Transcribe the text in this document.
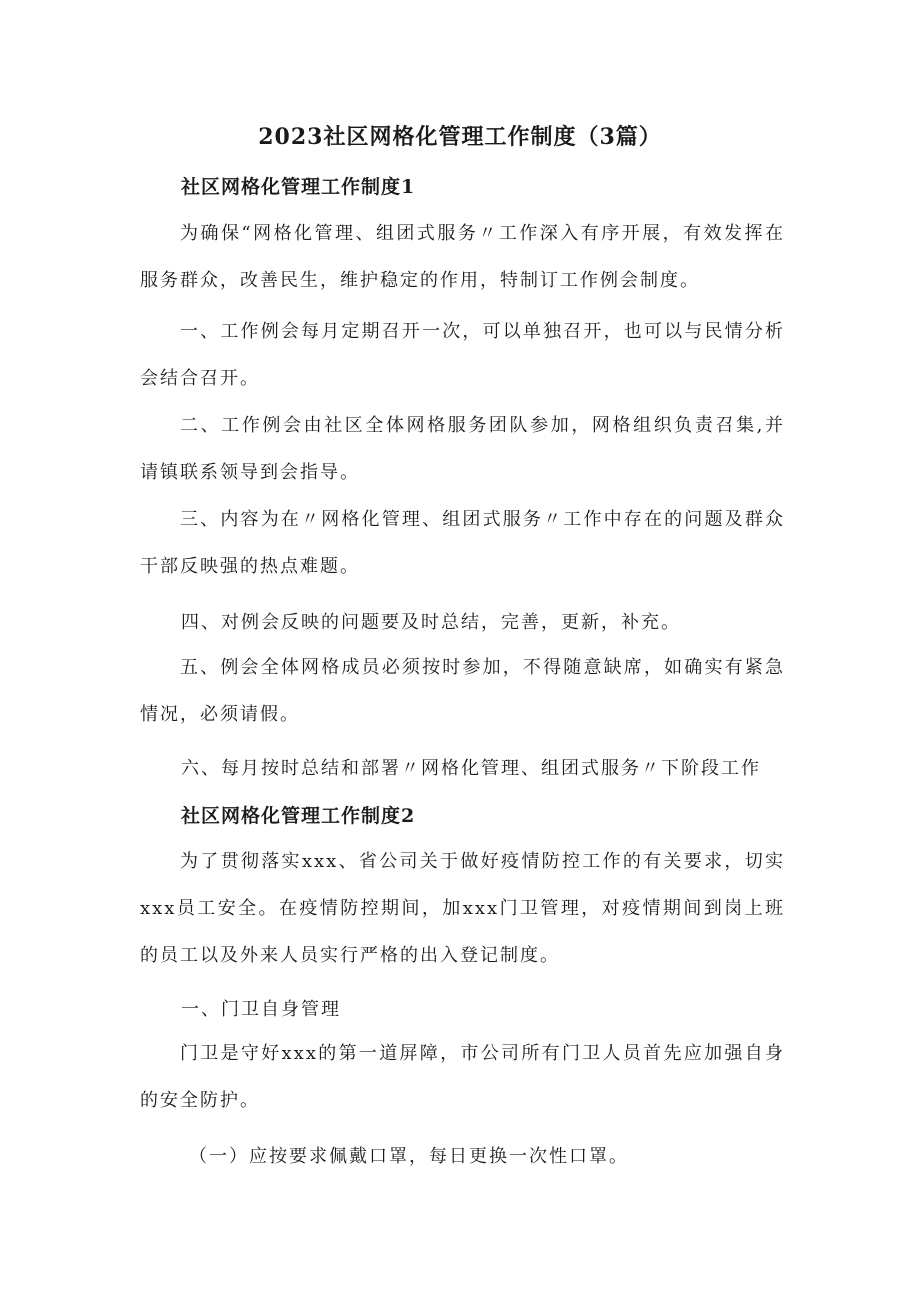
2023社区网格化管理工作制度（3篇）
社区网格化管理工作制度1

为确保“网格化管理、组团式服务〃工作深入有序开展，有效发挥在服务群众，改善民生，维护稳定的作用，特制订工作例会制度。

一、工作例会每月定期召开一次，可以单独召开，也可以与民情分析会结合召开。

二、工作例会由社区全体网格服务团队参加，网格组织负责召集,并请镇联系领导到会指导。

三、内容为在〃网格化管理、组团式服务〃工作中存在的问题及群众干部反映强的热点难题。

四、对例会反映的问题要及时总结，完善，更新，补充。

五、例会全体网格成员必须按时参加，不得随意缺席，如确实有紧急情况，必须请假。

六、每月按时总结和部署〃网格化管理、组团式服务〃下阶段工作
社区网格化管理工作制度2

为了贯彻落实xxx、省公司关于做好疫情防控工作的有关要求，切实xxx员工安全。在疫情防控期间，加xxx门卫管理，对疫情期间到岗上班的员工以及外来人员实行严格的出入登记制度。

一、门卫自身管理

门卫是守好xxx的第一道屏障，市公司所有门卫人员首先应加强自身的安全防护。

（一）应按要求佩戴口罩，每日更换一次性口罩。
